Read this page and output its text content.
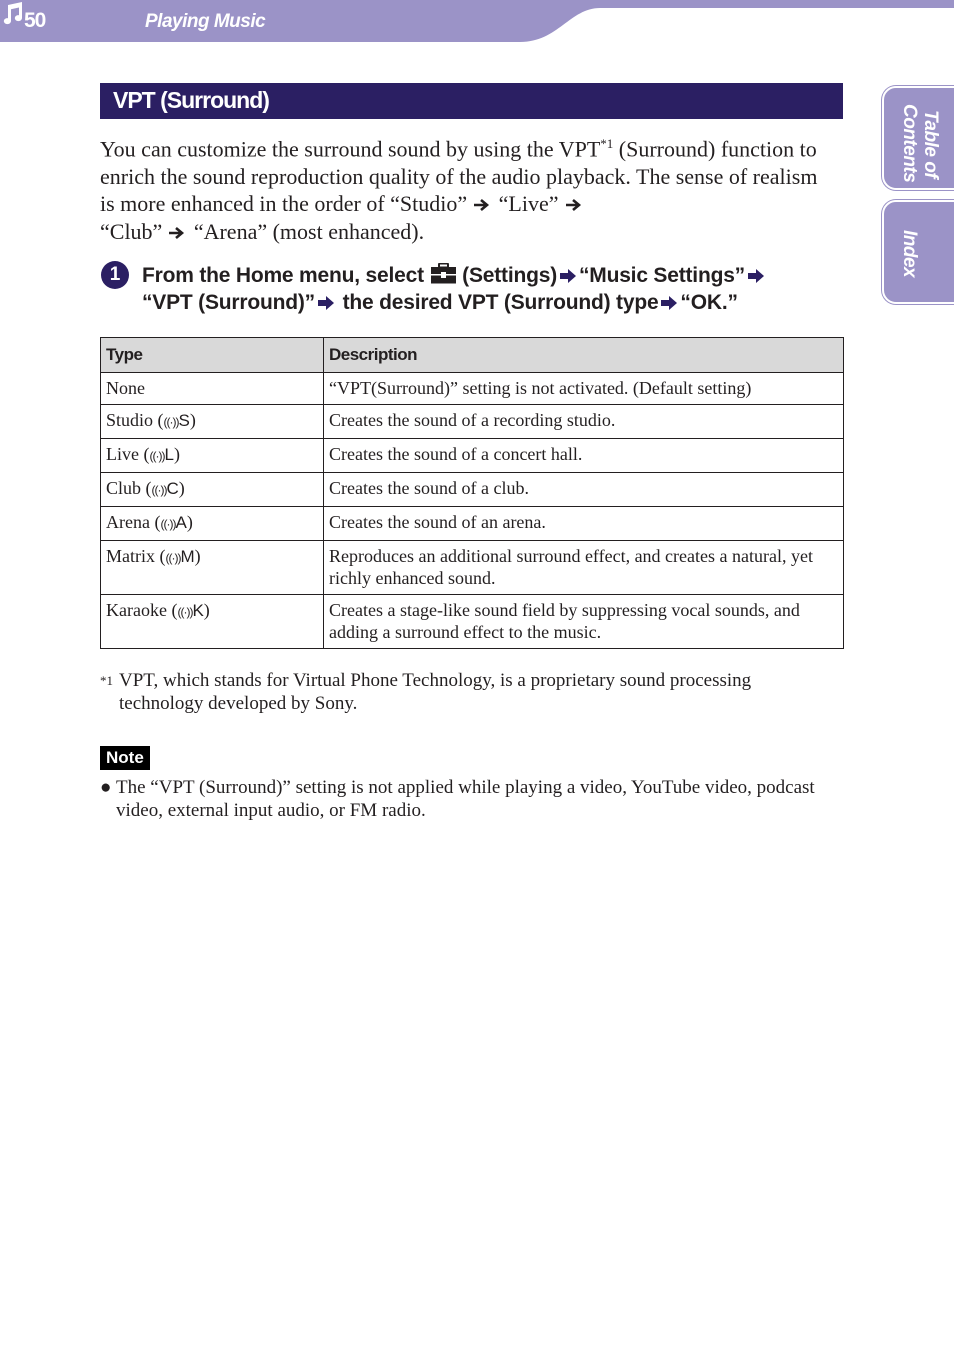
50	Playing Music
Table of
Contents
Index
VPT (Surround)

You can customize the surround sound by using the VPT$^{*1}$ (Surround) function to enrich the sound reproduction quality of the audio playback. The sense of realism is more enhanced in the order of “Studio” “Live”
“Club” “Arena” (most enhanced).

1	From the Home menu, select  (Settings) “Music Settings”
“VPT (Surround)” the desired VPT (Surround) type “OK.”

Type	Description
None	“VPT(Surround)” setting is not activated. (Default setting)
Studio (((·))S)	Creates the sound of a recording studio.
Live (((·))L)	Creates the sound of a concert hall.
Club (((·))C)	Creates the sound of a club.
Arena (((·))A)	Creates the sound of an arena.
Matrix (((·))M)	Reproduces an additional surround effect, and creates a natural, yet richly enhanced sound.
Karaoke (((·))K)	Creates a stage-like sound field by suppressing vocal sounds, and adding a surround effect to the music.

*1 VPT, which stands for Virtual Phone Technology, is a proprietary sound processing technology developed by Sony.

Note

● The “VPT (Surround)” setting is not applied while playing a video, YouTube video, podcast video, external input audio, or FM radio.
